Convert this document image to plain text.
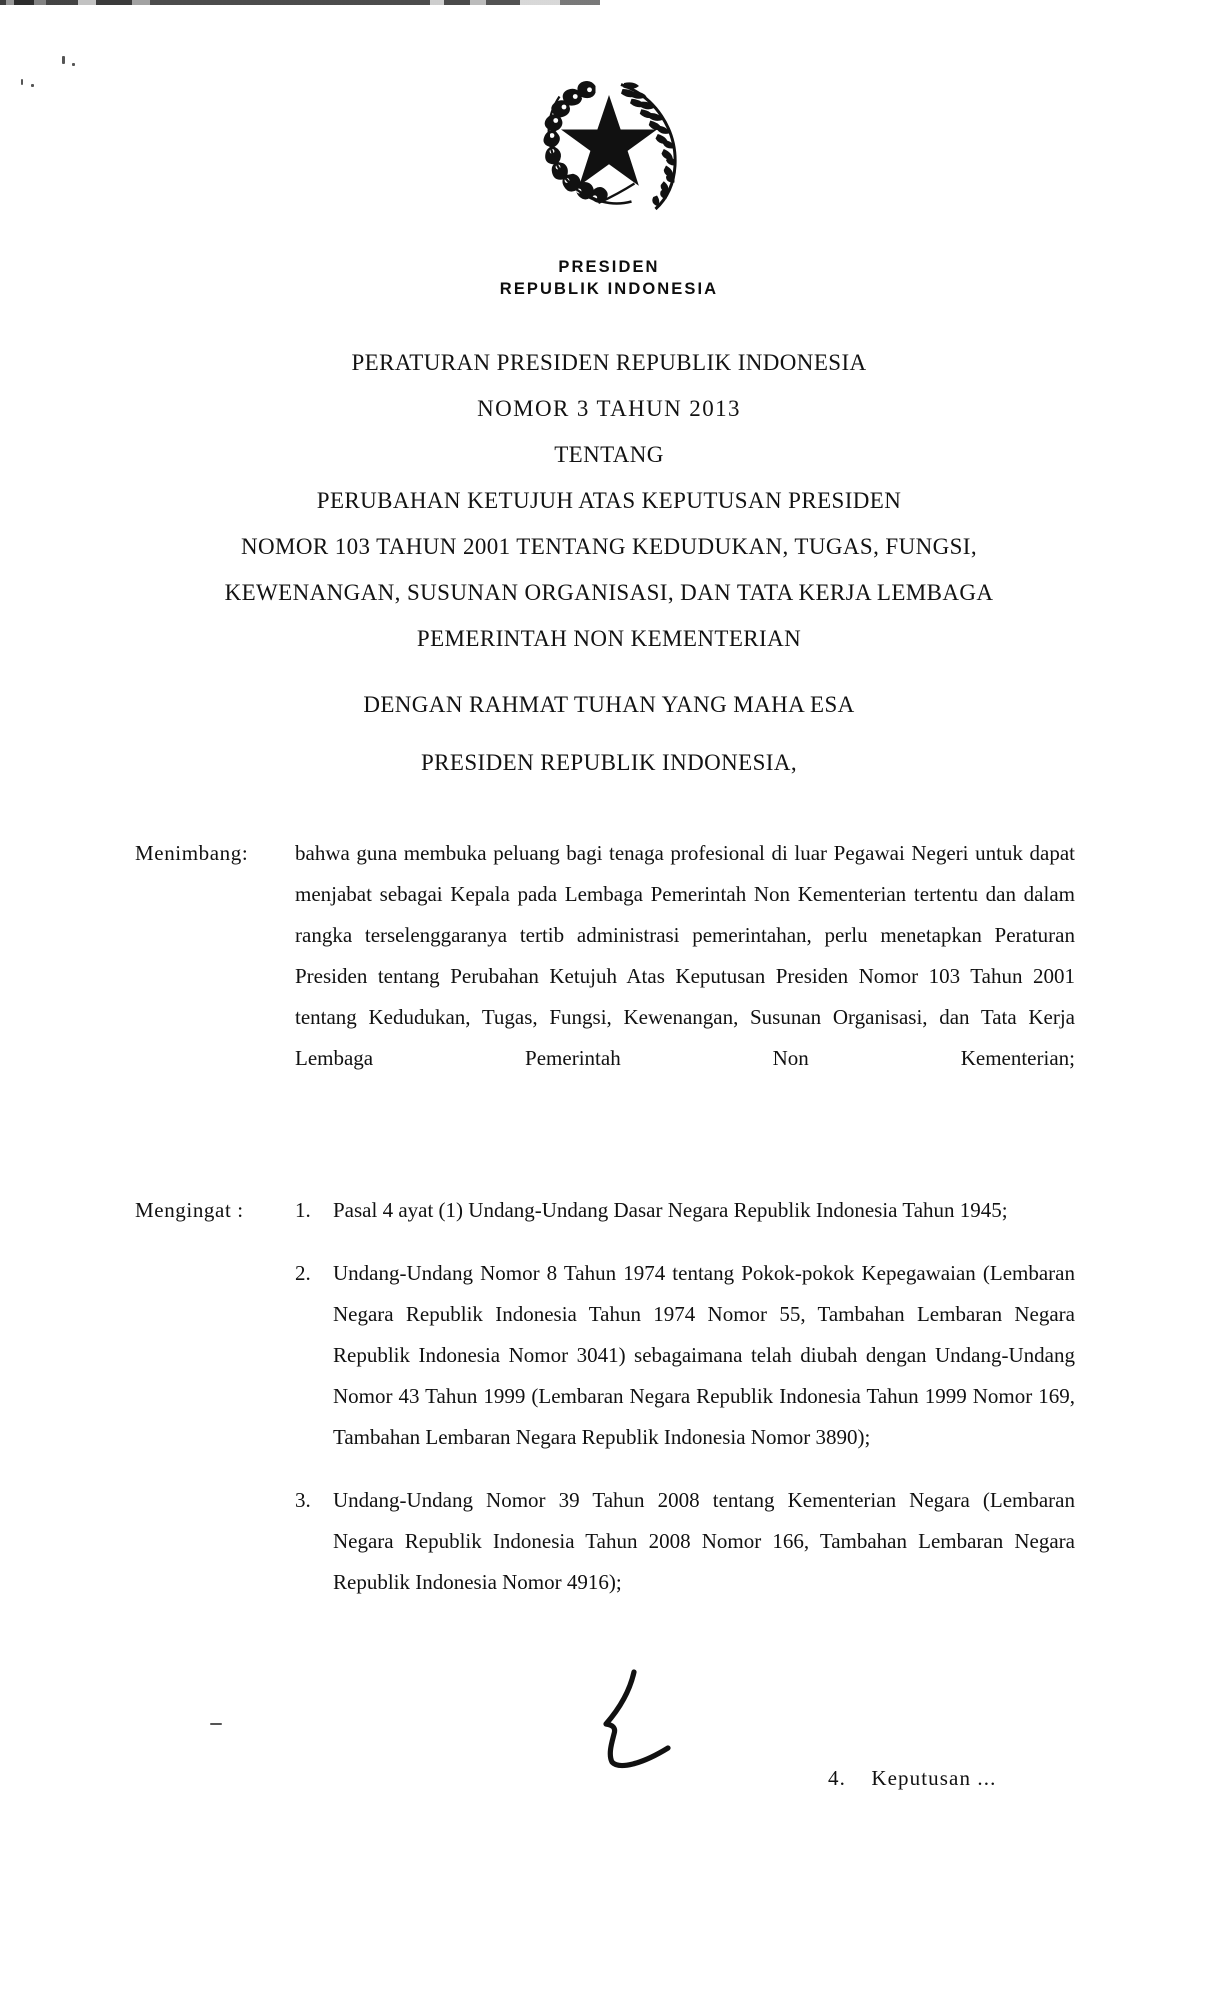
PRESIDEN
REPUBLIK INDONESIA
PERATURAN PRESIDEN REPUBLIK INDONESIA
NOMOR 3 TAHUN 2013
TENTANG
PERUBAHAN KETUJUH ATAS KEPUTUSAN PRESIDEN
NOMOR 103 TAHUN 2001 TENTANG KEDUDUKAN, TUGAS, FUNGSI,
KEWENANGAN, SUSUNAN ORGANISASI, DAN TATA KERJA LEMBAGA
PEMERINTAH NON KEMENTERIAN
DENGAN RAHMAT TUHAN YANG MAHA ESA
PRESIDEN REPUBLIK INDONESIA,
Menimbang:	bahwa guna membuka peluang bagi tenaga profesional di luar Pegawai Negeri untuk dapat menjabat sebagai Kepala pada Lembaga Pemerintah Non Kementerian tertentu dan dalam rangka terselenggaranya tertib administrasi pemerintahan, perlu menetapkan Peraturan Presiden tentang Perubahan Ketujuh Atas Keputusan Presiden Nomor 103 Tahun 2001 tentang Kedudukan, Tugas, Fungsi, Kewenangan, Susunan Organisasi, dan Tata Kerja Lembaga Pemerintah Non Kementerian;
Mengingat :	1.	Pasal 4 ayat (1) Undang-Undang Dasar Negara Republik Indonesia Tahun 1945;
2.	Undang-Undang Nomor 8 Tahun 1974 tentang Pokok-pokok Kepegawaian (Lembaran Negara Republik Indonesia Tahun 1974 Nomor 55, Tambahan Lembaran Negara Republik Indonesia Nomor 3041) sebagaimana telah diubah dengan Undang-Undang Nomor 43 Tahun 1999 (Lembaran Negara Republik Indonesia Tahun 1999 Nomor 169, Tambahan Lembaran Negara Republik Indonesia Nomor 3890);
3.	Undang-Undang Nomor 39 Tahun 2008 tentang Kementerian Negara (Lembaran Negara Republik Indonesia Tahun 2008 Nomor 166, Tambahan Lembaran Negara Republik Indonesia Nomor 4916);
4.    Keputusan ...
